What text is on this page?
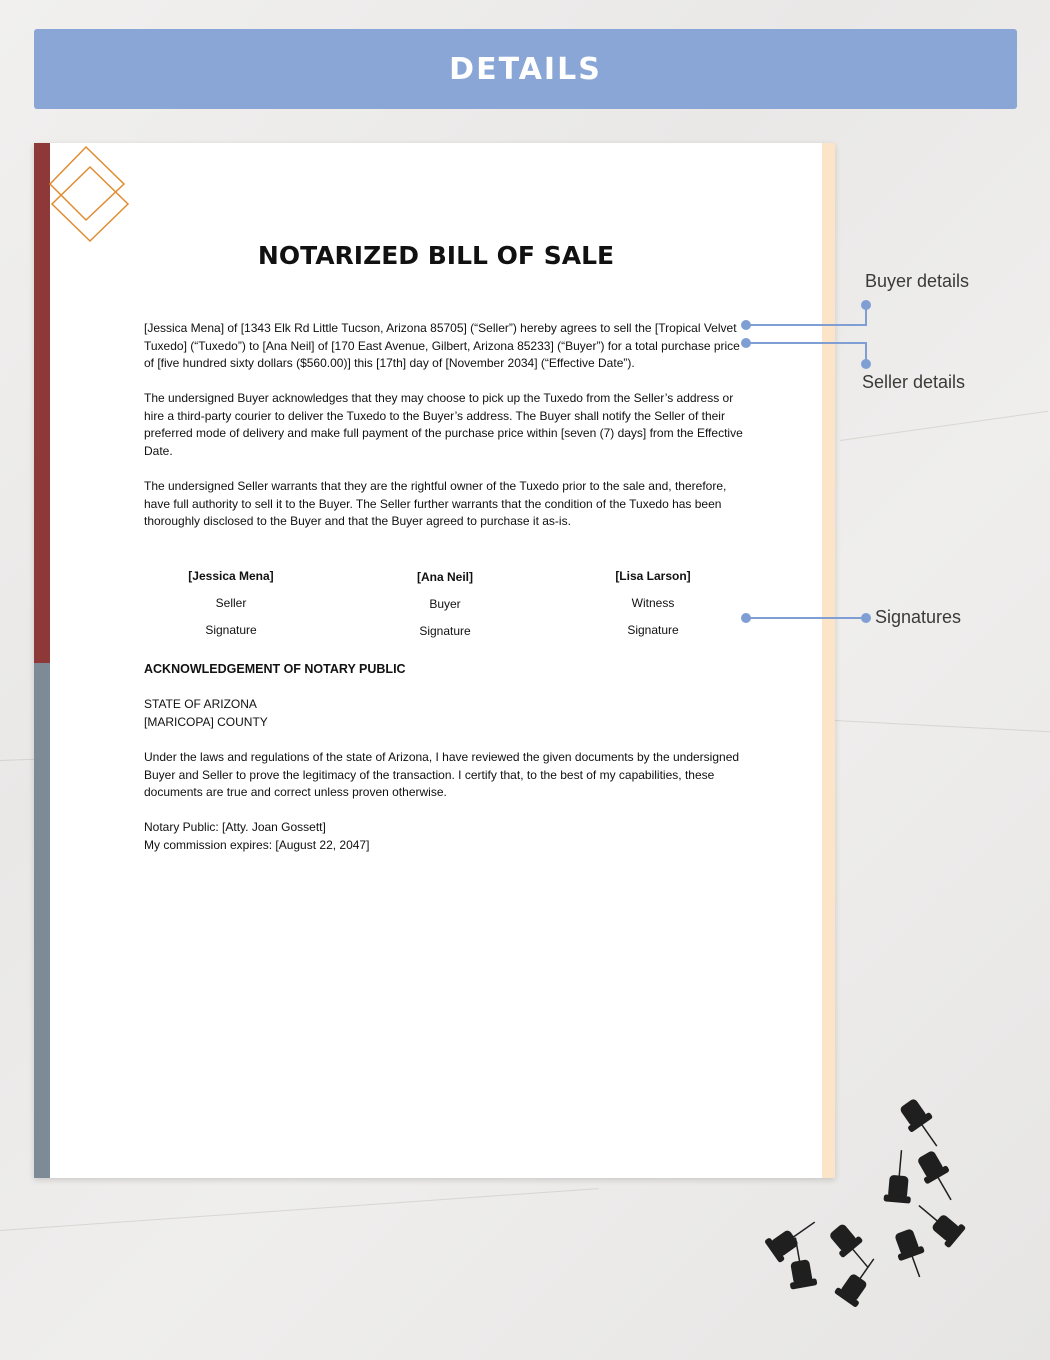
DETAILS
NOTARIZED BILL OF SALE

[Jessica Mena] of [1343 Elk Rd Little Tucson, Arizona 85705] (“Seller”) hereby agrees to sell the [Tropical Velvet Tuxedo] (“Tuxedo”) to [Ana Neil] of [170 East Avenue, Gilbert, Arizona 85233] (“Buyer”) for a total purchase price of [five hundred sixty dollars ($560.00)] this [17th] day of [November 2034] (“Effective Date”).

The undersigned Buyer acknowledges that they may choose to pick up the Tuxedo from the Seller’s address or hire a third-party courier to deliver the Tuxedo to the Buyer’s address. The Buyer shall notify the Seller of their preferred mode of delivery and make full payment of the purchase price within [seven (7) days] from the Effective Date.

The undersigned Seller warrants that they are the rightful owner of the Tuxedo prior to the sale and, therefore, have full authority to sell it to the Buyer. The Seller further warrants that the condition of the Tuxedo has been thoroughly disclosed to the Buyer and that the Buyer agreed to purchase it as-is.

[Jessica Mena]
Seller
Signature
[Ana Neil]
Buyer
Signature
[Lisa Larson]
Witness
Signature
ACKNOWLEDGEMENT OF NOTARY PUBLIC

STATE OF ARIZONA

[MARICOPA] COUNTY

Under the laws and regulations of the state of Arizona, I have reviewed the given documents by the undersigned Buyer and Seller to prove the legitimacy of the transaction. I certify that, to the best of my capabilities, these documents are true and correct unless proven otherwise.

Notary Public: [Atty. Joan Gossett]

My commission expires: [August 22, 2047]

Buyer details
Seller details
Signatures
